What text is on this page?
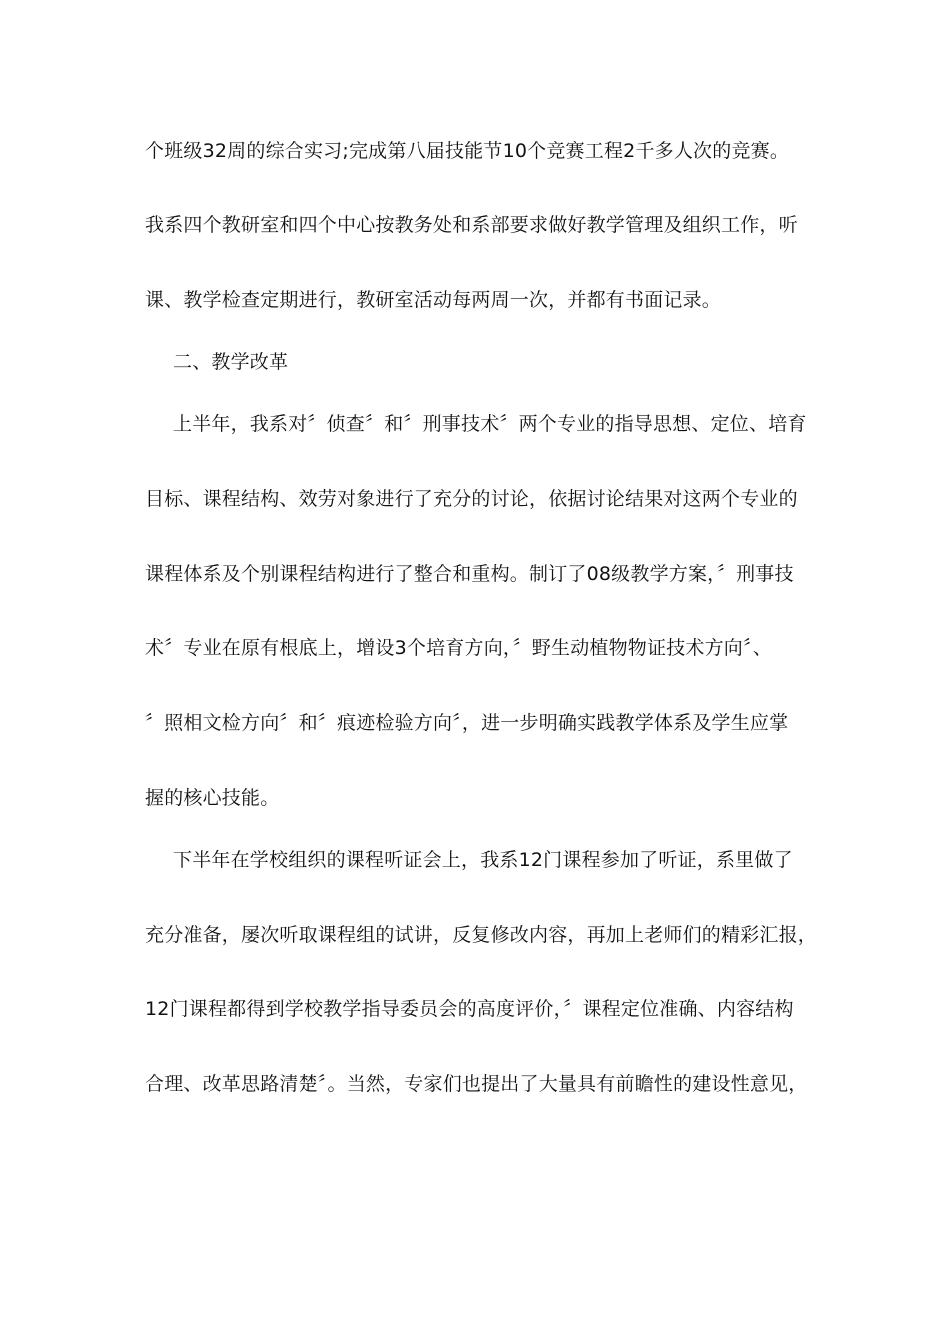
个班级32周的综合实习;完成第八届技能节10个竞赛工程2千多人次的竞赛。
我系四个教研室和四个中心按教务处和系部要求做好教学管理及组织工作，听
课、教学检查定期进行，教研室活动每两周一次，并都有书面记录。
二、教学改革
上半年，我系对〞侦查〞和〞刑事技术〞两个专业的指导思想、定位、培育
目标、课程结构、效劳对象进行了充分的讨论，依据讨论结果对这两个专业的
课程体系及个别课程结构进行了整合和重构。制订了08级教学方案，〞刑事技
术〞专业在原有根底上，增设3个培育方向，〞野生动植物物证技术方向〞、
〞照相文检方向〞和〞痕迹检验方向〞，进一步明确实践教学体系及学生应掌
握的核心技能。
下半年在学校组织的课程听证会上，我系12门课程参加了听证，系里做了
充分准备，屡次听取课程组的试讲，反复修改内容，再加上老师们的精彩汇报，
12门课程都得到学校教学指导委员会的高度评价，〞课程定位准确、内容结构
合理、改革思路清楚〞。当然，专家们也提出了大量具有前瞻性的建设性意见，
